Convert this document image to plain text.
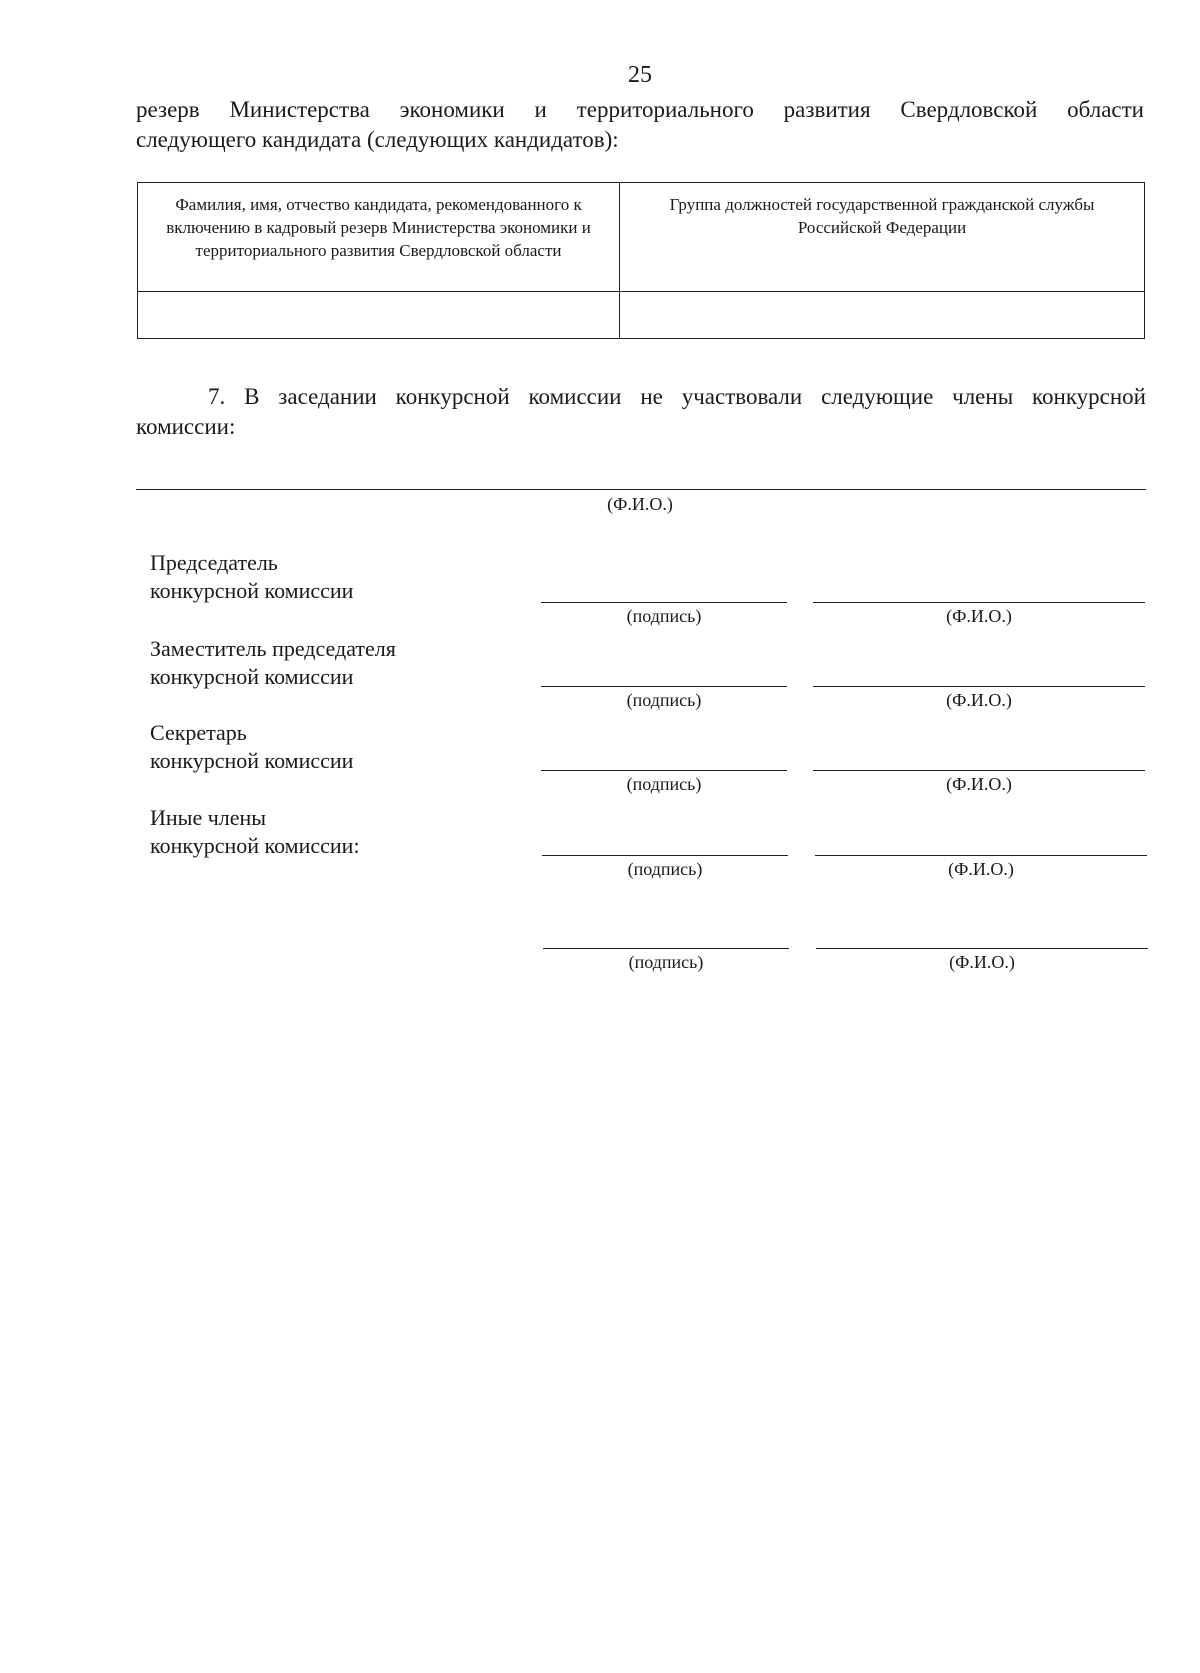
25
резерв Министерства экономики и территориального развития Свердловской области
следующего кандидата (следующих кандидатов):
Фамилия, имя, отчество кандидата, рекомендованного к включению в кадровый резерв Министерства экономики и территориального развития Свердловской области	Группа должностей государственной гражданской службы Российской Федерации

7. В заседании конкурсной комиссии не участвовали следующие члены конкурсной
комиссии:
(Ф.И.О.)
Председатель
конкурсной комиссии
(подпись)	(Ф.И.О.)
Заместитель председателя
конкурсной комиссии
(подпись)	(Ф.И.О.)
Секретарь
конкурсной комиссии
(подпись)	(Ф.И.О.)
Иные члены
конкурсной комиссии:
(подпись)	(Ф.И.О.)
(подпись)	(Ф.И.О.)
